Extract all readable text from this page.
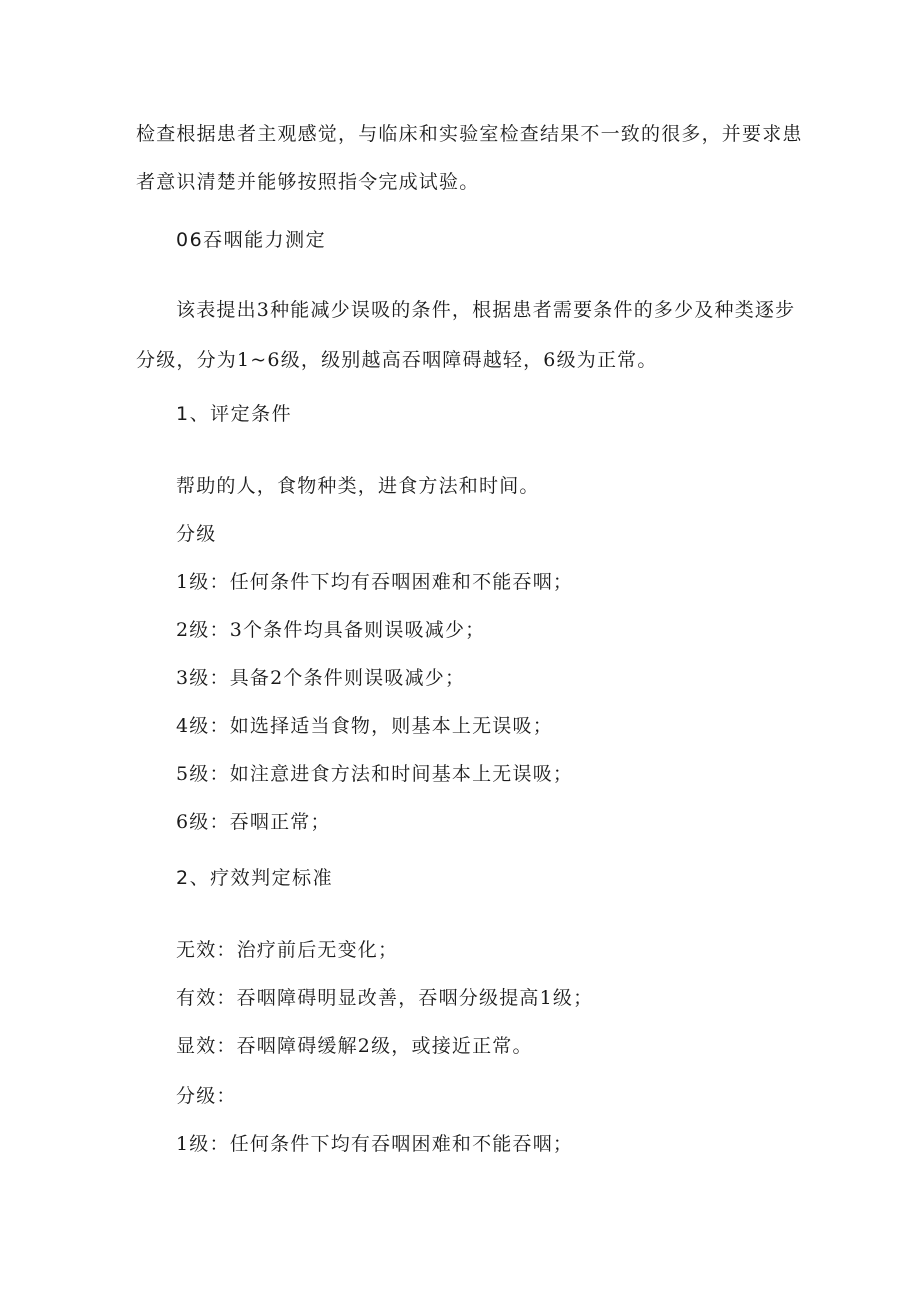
检查根据患者主观感觉，与临床和实验室检查结果不一致的很多，并要求患
者意识清楚并能够按照指令完成试验。
06吞咽能力测定
该表提出3种能减少误吸的条件，根据患者需要条件的多少及种类逐步
分级，分为1~6级，级别越高吞咽障碍越轻，6级为正常。
1、评定条件
帮助的人，食物种类，进食方法和时间。
分级
1级：任何条件下均有吞咽困难和不能吞咽；
2级：3个条件均具备则误吸减少；
3级：具备2个条件则误吸减少；
4级：如选择适当食物，则基本上无误吸；
5级：如注意进食方法和时间基本上无误吸；
6级：吞咽正常；
2、疗效判定标准
无效：治疗前后无变化；
有效：吞咽障碍明显改善，吞咽分级提高1级；
显效：吞咽障碍缓解2级，或接近正常。
分级：
1级：任何条件下均有吞咽困难和不能吞咽；
